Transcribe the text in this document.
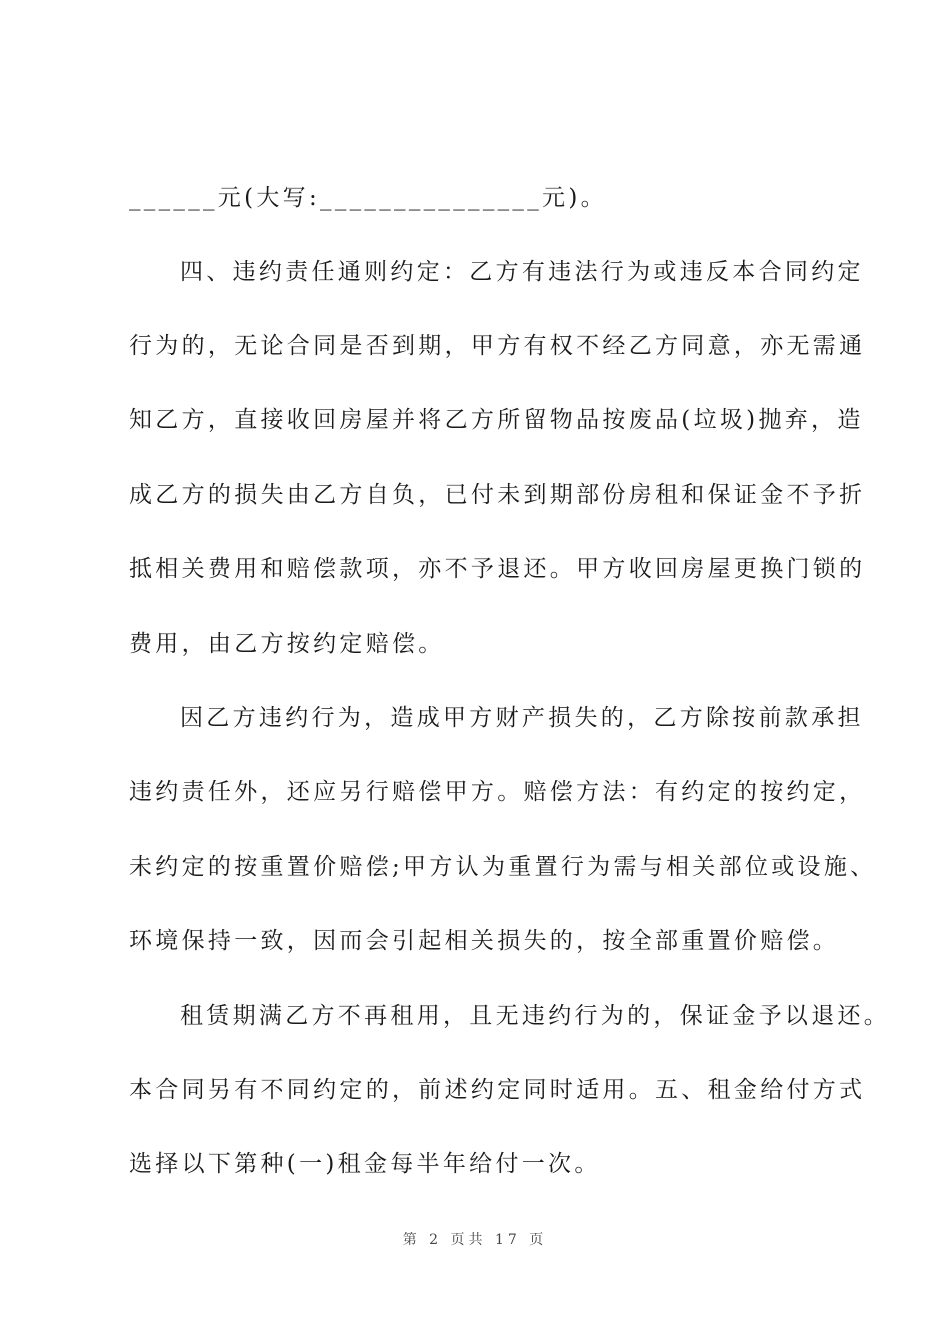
______元(大写:_______________元)。
四、违约责任通则约定：乙方有违法行为或违反本合同约定
行为的，无论合同是否到期，甲方有权不经乙方同意，亦无需通
知乙方，直接收回房屋并将乙方所留物品按废品(垃圾)抛弃，造
成乙方的损失由乙方自负，已付未到期部份房租和保证金不予折
抵相关费用和赔偿款项，亦不予退还。甲方收回房屋更换门锁的
费用，由乙方按约定赔偿。
因乙方违约行为，造成甲方财产损失的，乙方除按前款承担
违约责任外，还应另行赔偿甲方。赔偿方法：有约定的按约定，
未约定的按重置价赔偿;甲方认为重置行为需与相关部位或设施、
环境保持一致，因而会引起相关损失的，按全部重置价赔偿。
租赁期满乙方不再租用，且无违约行为的，保证金予以退还。
本合同另有不同约定的，前述约定同时适用。五、租金给付方式
选择以下第种(一)租金每半年给付一次。
第 2 页共 17 页
